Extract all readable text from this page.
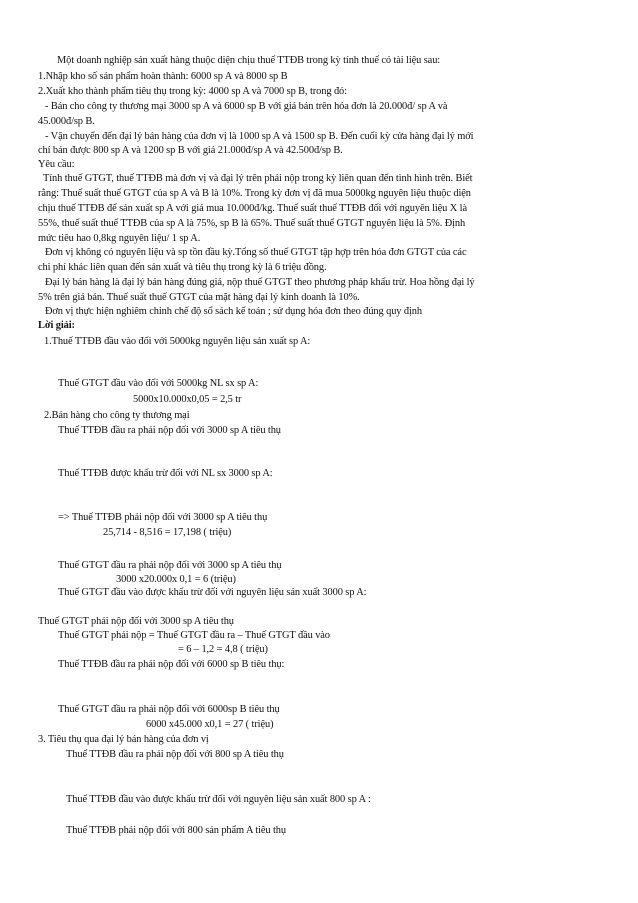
Một doanh nghiệp sản xuất hàng thuộc diện chịu thuế TTĐB trong kỳ tính thuế có tài liệu sau:
1.Nhập kho số sản phẩm hoàn thành: 6000 sp A và 8000 sp B
2.Xuất kho thành phẩm tiêu thụ trong kỳ: 4000 sp A và 7000 sp B, trong đó:
- Bán cho công ty thương mại 3000 sp A và 6000 sp B với giá bán trên hóa đơn là 20.000đ/ sp A và
45.000đ/sp B.
- Vận chuyển đến đại lý bán hàng của đơn vị là 1000 sp A và 1500 sp B. Đến cuối kỳ cửa hàng đại lý mới
chỉ bán được 800 sp A và 1200 sp B với giá 21.000đ/sp A và 42.500đ/sp B.
Yêu cầu:
Tính thuế GTGT, thuế TTĐB mà đơn vị và đại lý trên phải nộp trong kỳ liên quan đến tình hình trên. Biết
rằng: Thuế suất thuế GTGT của sp A và B là 10%. Trong kỳ đơn vị đã mua 5000kg nguyên liệu thuộc diện
chịu thuế TTĐB để sản xuất sp A với giá mua 10.000đ/kg. Thuế suất thuế TTĐB đối với nguyên liệu X là
55%, thuế suất thuế TTĐB của sp A là 75%, sp B là 65%. Thuế suất thuế GTGT nguyên liệu là 5%. Định
mức tiêu hao 0,8kg nguyên liệu/ 1 sp A.
Đơn vị không có nguyên liệu và sp tồn đầu kỳ.Tổng số thuế GTGT tập hợp trên hóa đơn GTGT của các
chi phí khác liên quan đến sản xuất và tiêu thụ trong kỳ là 6 triệu đồng.
Đại lý bán hàng là đại lý bán hàng đúng giá, nộp thuế GTGT theo phương pháp khấu trừ. Hoa hồng đại lý
5% trên giá bán. Thuế suất thuế GTGT của mặt hàng đại lý kinh doanh là 10%.
Đơn vị thực hiện nghiêm chỉnh chế độ sổ sách kế toán ; sử dụng hóa đơn theo đúng quy định
Lời giải:
1.Thuế TTĐB đầu vào đối với 5000kg nguyên liệu sản xuất sp A:
Thuế GTGT đầu vào đối với 5000kg NL sx sp A:
5000x10.000x0,05 = 2,5 tr
2.Bán hàng cho công ty thương mại
Thuế TTĐB đầu ra phải nộp đối với 3000 sp A tiêu thụ
Thuế TTĐB được khấu trừ đối với NL sx 3000 sp A:
=> Thuế TTĐB phải nộp đối với 3000 sp A tiêu thụ
25,714 - 8,516 = 17,198 ( triệu)
Thuế GTGT đầu ra phải nộp đối với 3000 sp A tiêu thụ
3000 x20.000x 0,1 = 6 (triệu)
Thuế GTGT đầu vào được khấu trừ đối với nguyên liệu sản xuất 3000 sp A:
Thuế GTGT phải nộp đối với 3000 sp A tiêu thụ
Thuế GTGT phải nộp = Thuế GTGT đầu ra – Thuế GTGT đầu vào
= 6 – 1,2 = 4,8 ( triệu)
Thuế TTĐB đầu ra phải nộp đối với 6000 sp B tiêu thụ:
Thuế GTGT đầu ra phải nộp đối với 6000sp B tiêu thụ
6000 x45.000 x0,1 = 27 ( triệu)
3. Tiêu thụ qua đại lý bán hàng của đơn vị
Thuế TTĐB đầu ra phải nộp đối với 800 sp A tiêu thụ
Thuế TTĐB đầu vào được khấu trừ đối với nguyên liệu sản xuất 800 sp A :
Thuế TTĐB phải nộp đối với 800 sản phẩm A tiêu thụ
